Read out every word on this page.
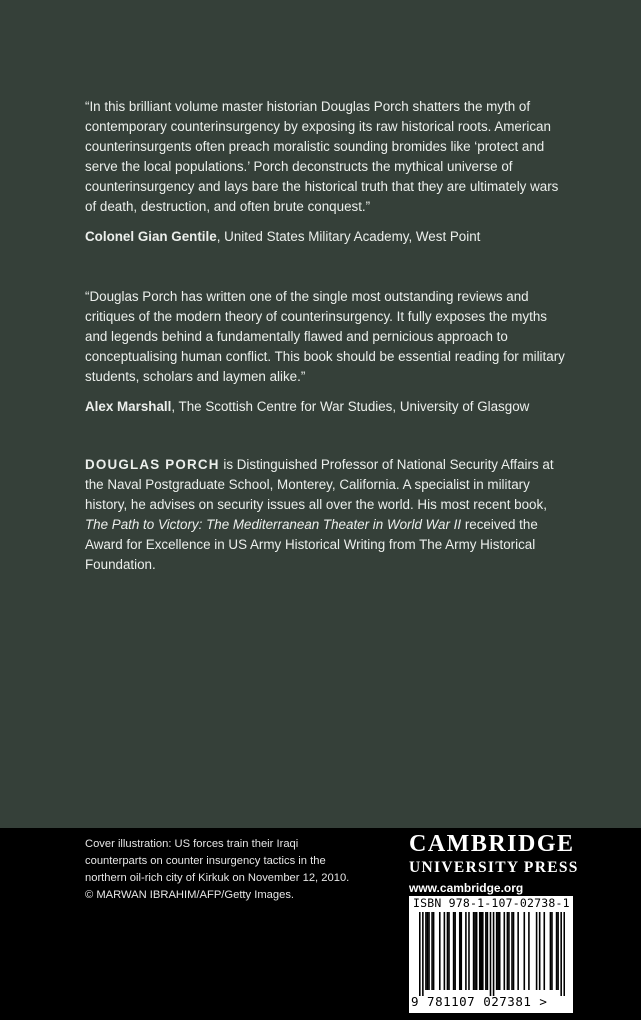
“In this brilliant volume master historian Douglas Porch shatters the myth of contemporary counterinsurgency by exposing its raw historical roots. American counterinsurgents often preach moralistic sounding bromides like ‘protect and serve the local populations.’ Porch deconstructs the mythical universe of counterinsurgency and lays bare the historical truth that they are ultimately wars of death, destruction, and often brute conquest.”

Colonel Gian Gentile, United States Military Academy, West Point

“Douglas Porch has written one of the single most outstanding reviews and critiques of the modern theory of counterinsurgency. It fully exposes the myths and legends behind a fundamentally flawed and pernicious approach to conceptualising human conflict. This book should be essential reading for military students, scholars and laymen alike.”

Alex Marshall, The Scottish Centre for War Studies, University of Glasgow

DOUGLAS PORCH is Distinguished Professor of National Security Affairs at the Naval Postgraduate School, Monterey, California. A specialist in military history, he advises on security issues all over the world. His most recent book, The Path to Victory: The Mediterranean Theater in World War II received the Award for Excellence in US Army Historical Writing from The Army Historical Foundation.

Cover illustration: US forces train their Iraqi
counterparts on counter insurgency tactics in the
northern oil-rich city of Kirkuk on November 12, 2010.
© MARWAN IBRAHIM/AFP/Getty Images.
CAMBRIDGE
UNIVERSITY PRESS
www.cambridge.org
ISBN 978-1-107-02738-1
9 781107 027381 >
